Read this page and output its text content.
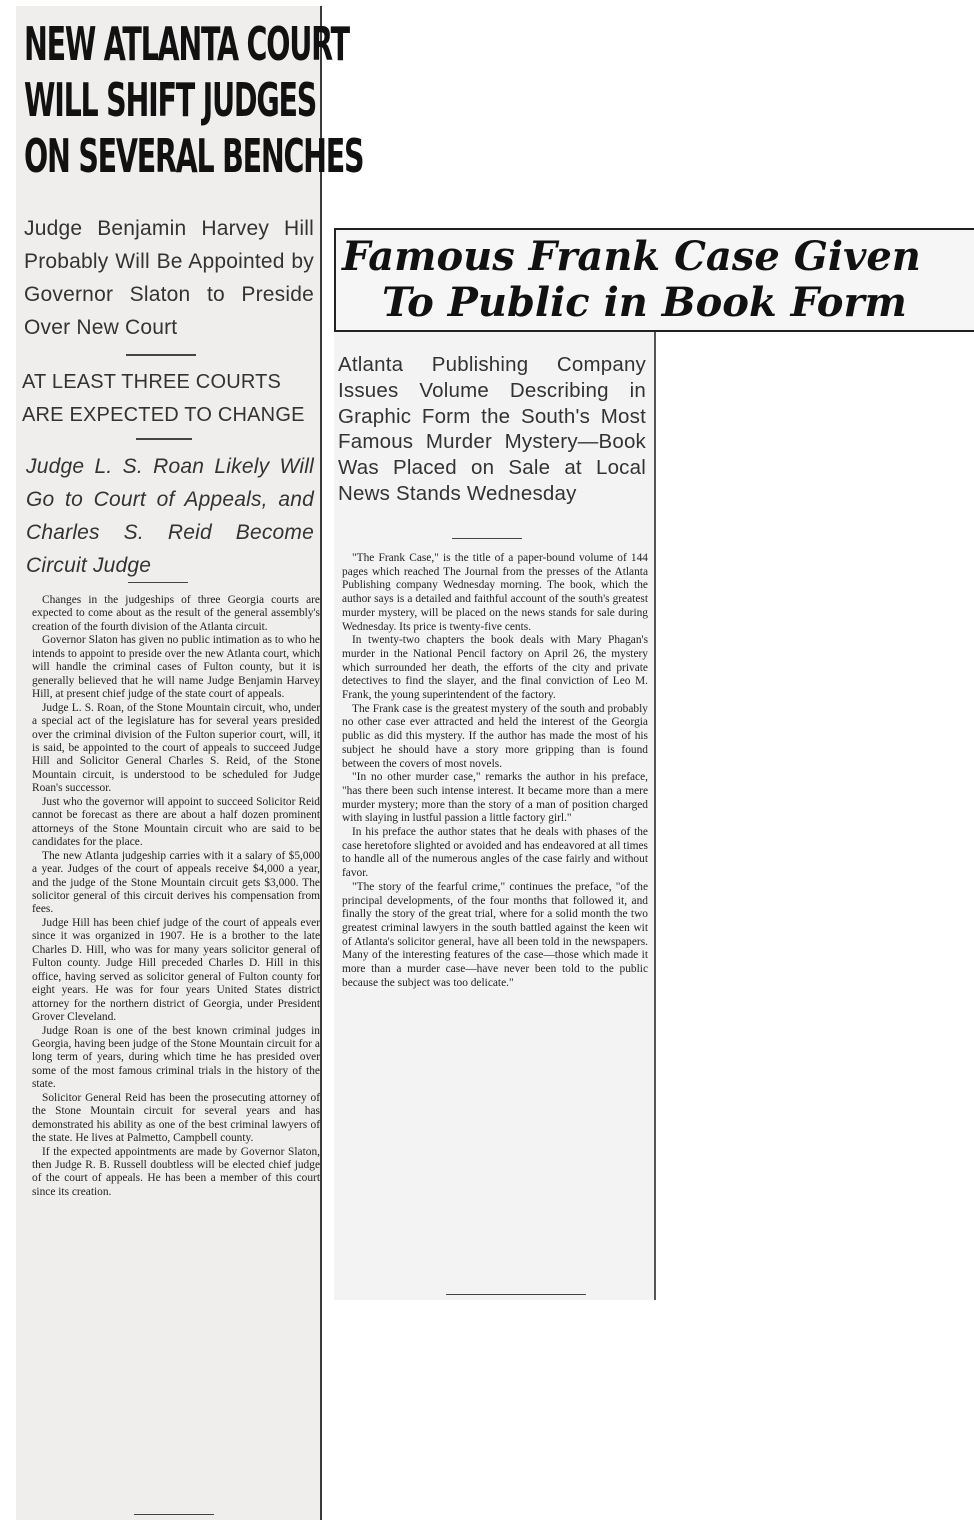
NEW ATLANTA COURT
WILL SHIFT JUDGES
ON SEVERAL BENCHES
Judge Benjamin Harvey Hill Probably Will Be Appointed by Governor Slaton to Preside Over New Court
AT LEAST THREE COURTS ARE EXPECTED TO CHANGE
Judge L. S. Roan Likely Will Go to Court of Appeals, and Charles S. Reid Become Circuit Judge

Changes in the judgeships of three Georgia courts are expected to come about as the result of the general assembly's creation of the fourth division of the Atlanta circuit.

Governor Slaton has given no public intimation as to who he intends to appoint to preside over the new Atlanta court, which will handle the criminal cases of Fulton county, but it is generally believed that he will name Judge Benjamin Harvey Hill, at present chief judge of the state court of appeals.

Judge L. S. Roan, of the Stone Mountain circuit, who, under a special act of the legislature has for several years presided over the criminal division of the Fulton superior court, will, it is said, be appointed to the court of appeals to succeed Judge Hill and Solicitor General Charles S. Reid, of the Stone Mountain circuit, is understood to be scheduled for Judge Roan's successor.

Just who the governor will appoint to succeed Solicitor Reid cannot be forecast as there are about a half dozen prominent attorneys of the Stone Mountain circuit who are said to be candidates for the place.

The new Atlanta judgeship carries with it a salary of $5,000 a year. Judges of the court of appeals receive $4,000 a year, and the judge of the Stone Mountain circuit gets $3,000. The solicitor general of this circuit derives his compensation from fees.

Judge Hill has been chief judge of the court of appeals ever since it was organized in 1907. He is a brother to the late Charles D. Hill, who was for many years solicitor general of Fulton county. Judge Hill preceded Charles D. Hill in this office, having served as solicitor general of Fulton county for eight years. He was for four years United States district attorney for the northern district of Georgia, under President Grover Cleveland.

Judge Roan is one of the best known criminal judges in Georgia, having been judge of the Stone Mountain circuit for a long term of years, during which time he has presided over some of the most famous criminal trials in the history of the state.

Solicitor General Reid has been the prosecuting attorney of the Stone Mountain circuit for several years and has demonstrated his ability as one of the best criminal lawyers of the state. He lives at Palmetto, Campbell county.

If the expected appointments are made by Governor Slaton, then Judge R. B. Russell doubtless will be elected chief judge of the court of appeals. He has been a member of this court since its creation.

Famous Frank Case Given
To Public in Book Form
Atlanta Publishing Company Issues Volume Describing in Graphic Form the South's Most Famous Murder Mystery—Book Was Placed on Sale at Local News Stands Wednesday

"The Frank Case," is the title of a paper-bound volume of 144 pages which reached The Journal from the presses of the Atlanta Publishing company Wednesday morning. The book, which the author says is a detailed and faithful account of the south's greatest murder mystery, will be placed on the news stands for sale during Wednesday. Its price is twenty-five cents.

In twenty-two chapters the book deals with Mary Phagan's murder in the National Pencil factory on April 26, the mystery which surrounded her death, the efforts of the city and private detectives to find the slayer, and the final conviction of Leo M. Frank, the young superintendent of the factory.

The Frank case is the greatest mystery of the south and probably no other case ever attracted and held the interest of the Georgia public as did this mystery. If the author has made the most of his subject he should have a story more gripping than is found between the covers of most novels.

"In no other murder case," remarks the author in his preface, "has there been such intense interest. It became more than a mere murder mystery; more than the story of a man of position charged with slaying in lustful passion a little factory girl."

In his preface the author states that he deals with phases of the case heretofore slighted or avoided and has endeavored at all times to handle all of the numerous angles of the case fairly and without favor.

"The story of the fearful crime," continues the preface, "of the principal developments, of the four months that followed it, and finally the story of the great trial, where for a solid month the two greatest criminal lawyers in the south battled against the keen wit of Atlanta's solicitor general, have all been told in the newspapers. Many of the interesting features of the case—those which made it more than a murder case—have never been told to the public because the subject was too delicate."
